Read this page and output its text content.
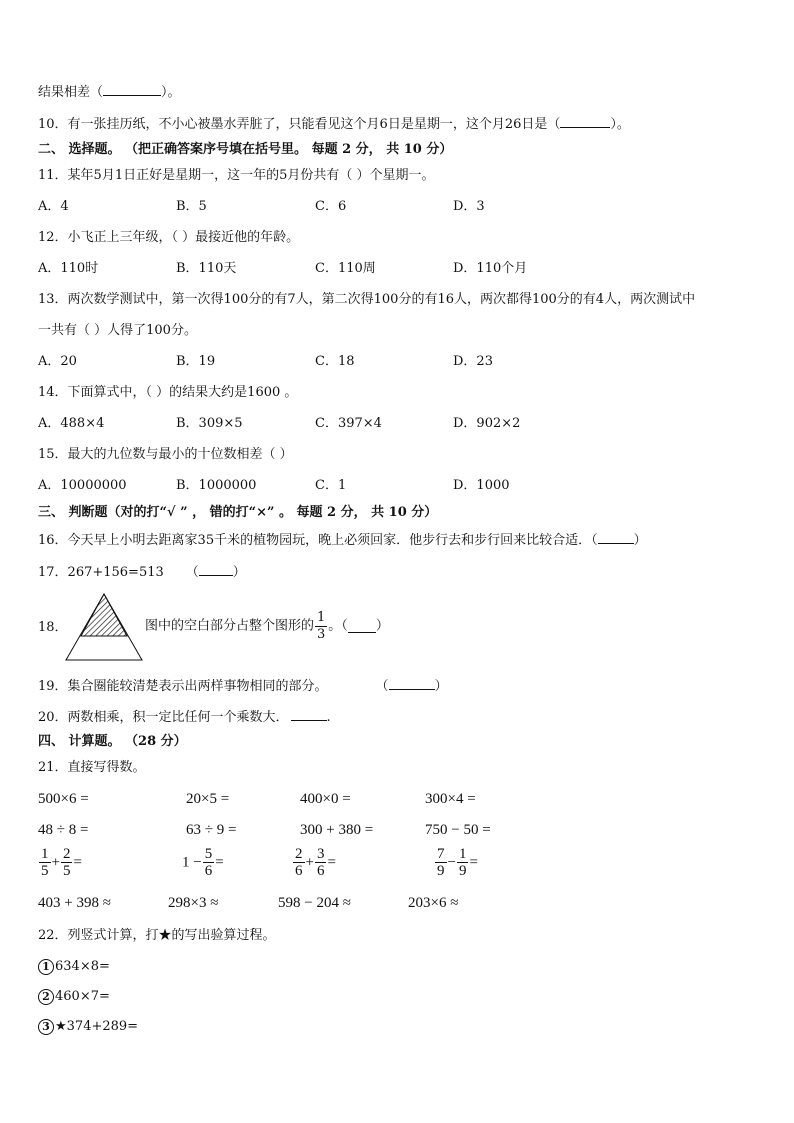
结果相差（	）。
10．有一张挂历纸，不小心被墨水弄脏了，只能看见这个月6日是星期一，这个月26日是（	）。
二、 选择题。 （把正确答案序号填在括号里。 每题 2 分， 共 10 分）
11．某年5月1日正好是星期一，这一年的5月份共有（ ）个星期一。
A．4	B．5	C．6	D．3
12．小飞正上三年级，（ ）最接近他的年龄。
A．110时	B．110天	C．110周	D．110个月
13．两次数学测试中，第一次得100分的有7人，第二次得100分的有16人，两次都得100分的有4人，两次测试中
一共有（ ）人得了100分。
A．20	B．19	C．18	D．23
14．下面算式中，（ ）的结果大约是1600 。
A．488×4	B．309×5	C．397×4	D．902×2
15．最大的九位数与最小的十位数相差（ ）
A．10000000	B．1000000	C．1	D．1000
三、 判断题（对的打“√ ” ， 错的打“×” 。 每题 2 分， 共 10 分）
16．今天早上小明去距离家35千米的植物园玩，晚上必须回家．他步行去和步行回来比较合适．（	）
17．267+156=513 （	）
18．	图中的空白部分占整个图形的 $\frac{1}{3}$ 。（ ）
19．集合圈能较清楚表示出两样事物相同的部分。	（	）
20．两数相乘，积一定比任何一个乘数大．	.
四、 计算题。 （28 分）
21．直接写得数。
500×6 =	20×5 =	400×0 =	300×4 =
48 ÷ 8 =	63 ÷ 9 =	300 + 380 =	750 − 50 =
$\frac{1}{5} + \frac{2}{5}$ =	$1 - \frac{5}{6}$ =	$\frac{2}{6} + \frac{3}{6}$ =	$\frac{7}{9} - \frac{1}{9}$ =
403 + 398 ≈	298×3 ≈	598 − 204 ≈	203×6 ≈
22．列竖式计算，打★的写出验算过程。
1 634×8=
2 460×7=
3 ★374+289=
